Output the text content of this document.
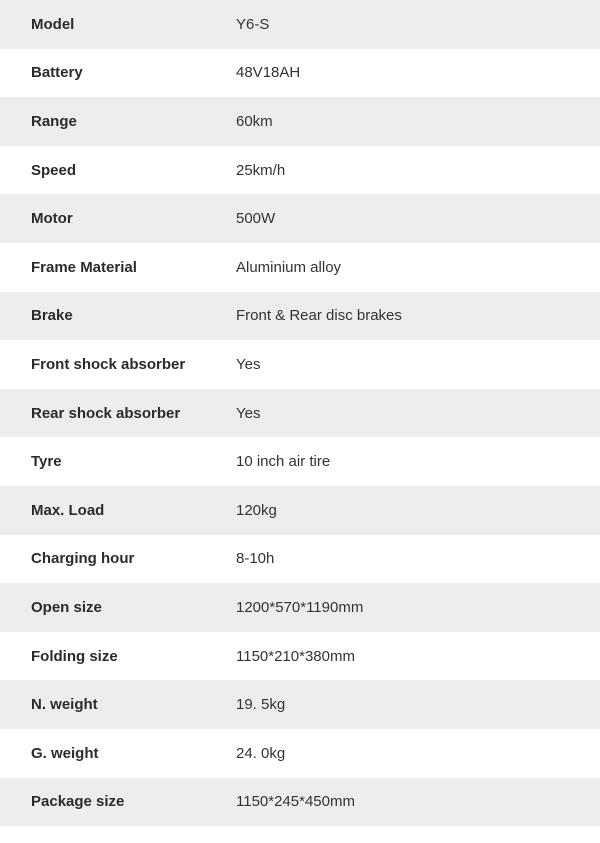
Model	Y6-S
Battery	48V18AH
Range	60km
Speed	25km/h
Motor	500W
Frame Material	Aluminium alloy
Brake	Front & Rear disc brakes
Front shock absorber	Yes
Rear shock absorber	Yes
Tyre	10 inch air tire
Max. Load	120kg
Charging hour	8-10h
Open size	1200*570*1190mm
Folding size	1150*210*380mm
N. weight	19. 5kg
G. weight	24. 0kg
Package size	1150*245*450mm
